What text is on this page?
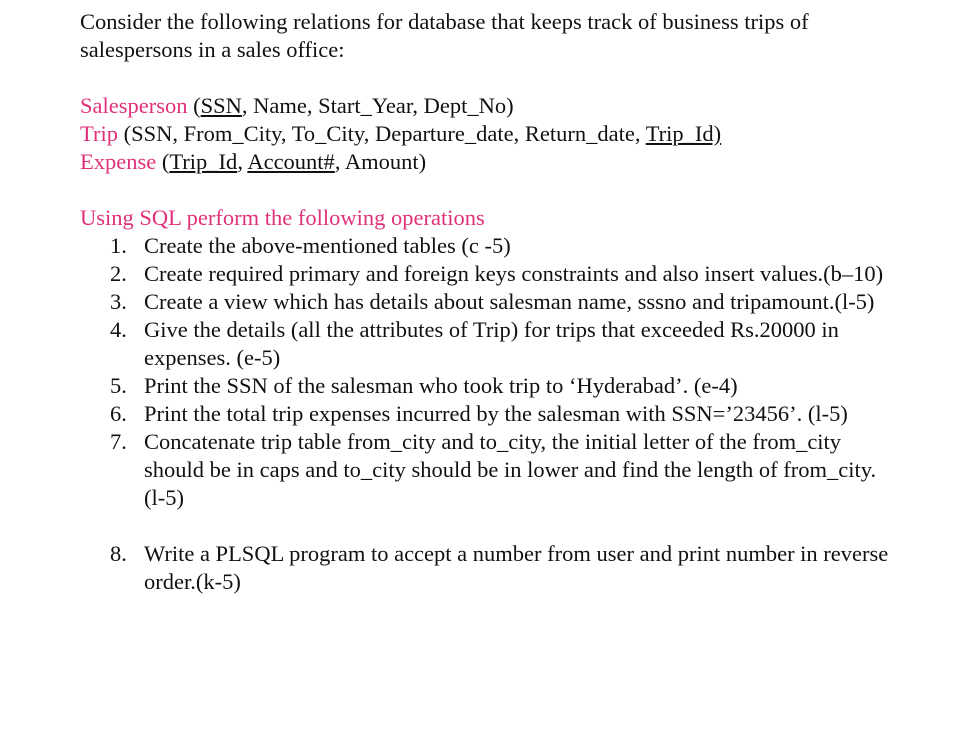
Consider the following relations for database that keeps track of business trips of salespersons in a sales office:

Salesperson (SSN, Name, Start_Year, Dept_No)

Trip (SSN, From_City, To_City, Departure_date, Return_date, Trip_Id)

Expense (Trip_Id, Account#, Amount)

Using SQL perform the following operations

1. Create the above-mentioned tables (c -5)
2. Create required primary and foreign keys constraints and also insert values.(b–10)
3. Create a view which has details about salesman name, sssno and tripamount.(l-5)
4. Give the details (all the attributes of Trip) for trips that exceeded Rs.20000 in expenses. (e-5)
5. Print the SSN of the salesman who took trip to ‘Hyderabad’. (e-4)
6. Print the total trip expenses incurred by the salesman with SSN=’23456’. (l-5)
7. Concatenate trip table from_city and to_city, the initial letter of the from_city should be in caps and to_city should be in lower and find the length of from_city. (l-5)
8. Write a PLSQL program to accept a number from user and print number in reverse order.(k-5)
